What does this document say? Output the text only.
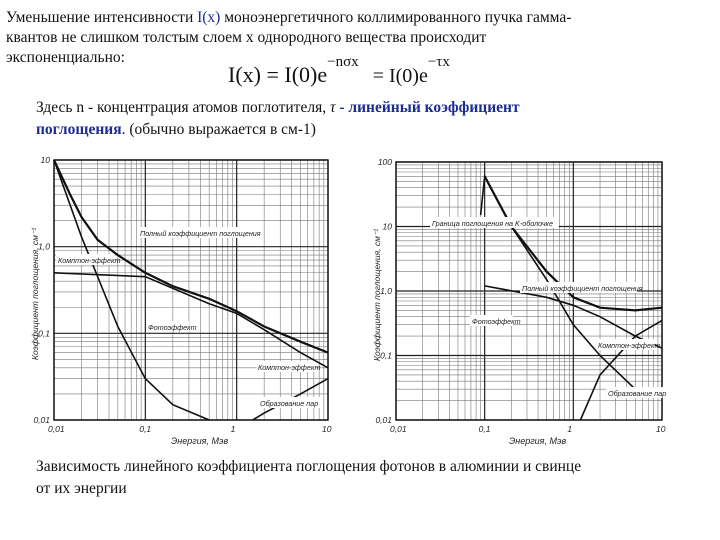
Уменьшение интенсивности I(x) моноэнергетичного коллимированного пучка гамма-
квантов не слишком толстым слоем x однородного вещества происходит
экспоненциально:
$I(x) = I(0)e^{-n\sigma x} = I(0)e^{-\tau x}$
Здесь n - концентрация атомов поглотителя, τ - линейный коэффициент
поглощения. (обычно выражается в см-1)
0,01	0,1	1	10
0,01
0,1
1,0
10
Энергия, Мэв
Коэффициент поглощения, см⁻¹	Полный коэффициент поглощения
Комптон-эффект
Фотоэффект
Комптон-эффект
Образование пар
0,01	0,1	1	10
0,01
0,1
1,0
10
100
Энергия, Мэв
Коэффициент поглощения, см⁻¹
Граница поглощения на K-оболочке
Полный коэффициент поглощения
Фотоэффект
Комптон-эффект
Образование пар
Зависимость линейного коэффициента поглощения фотонов в алюминии и свинце
от их энергии
